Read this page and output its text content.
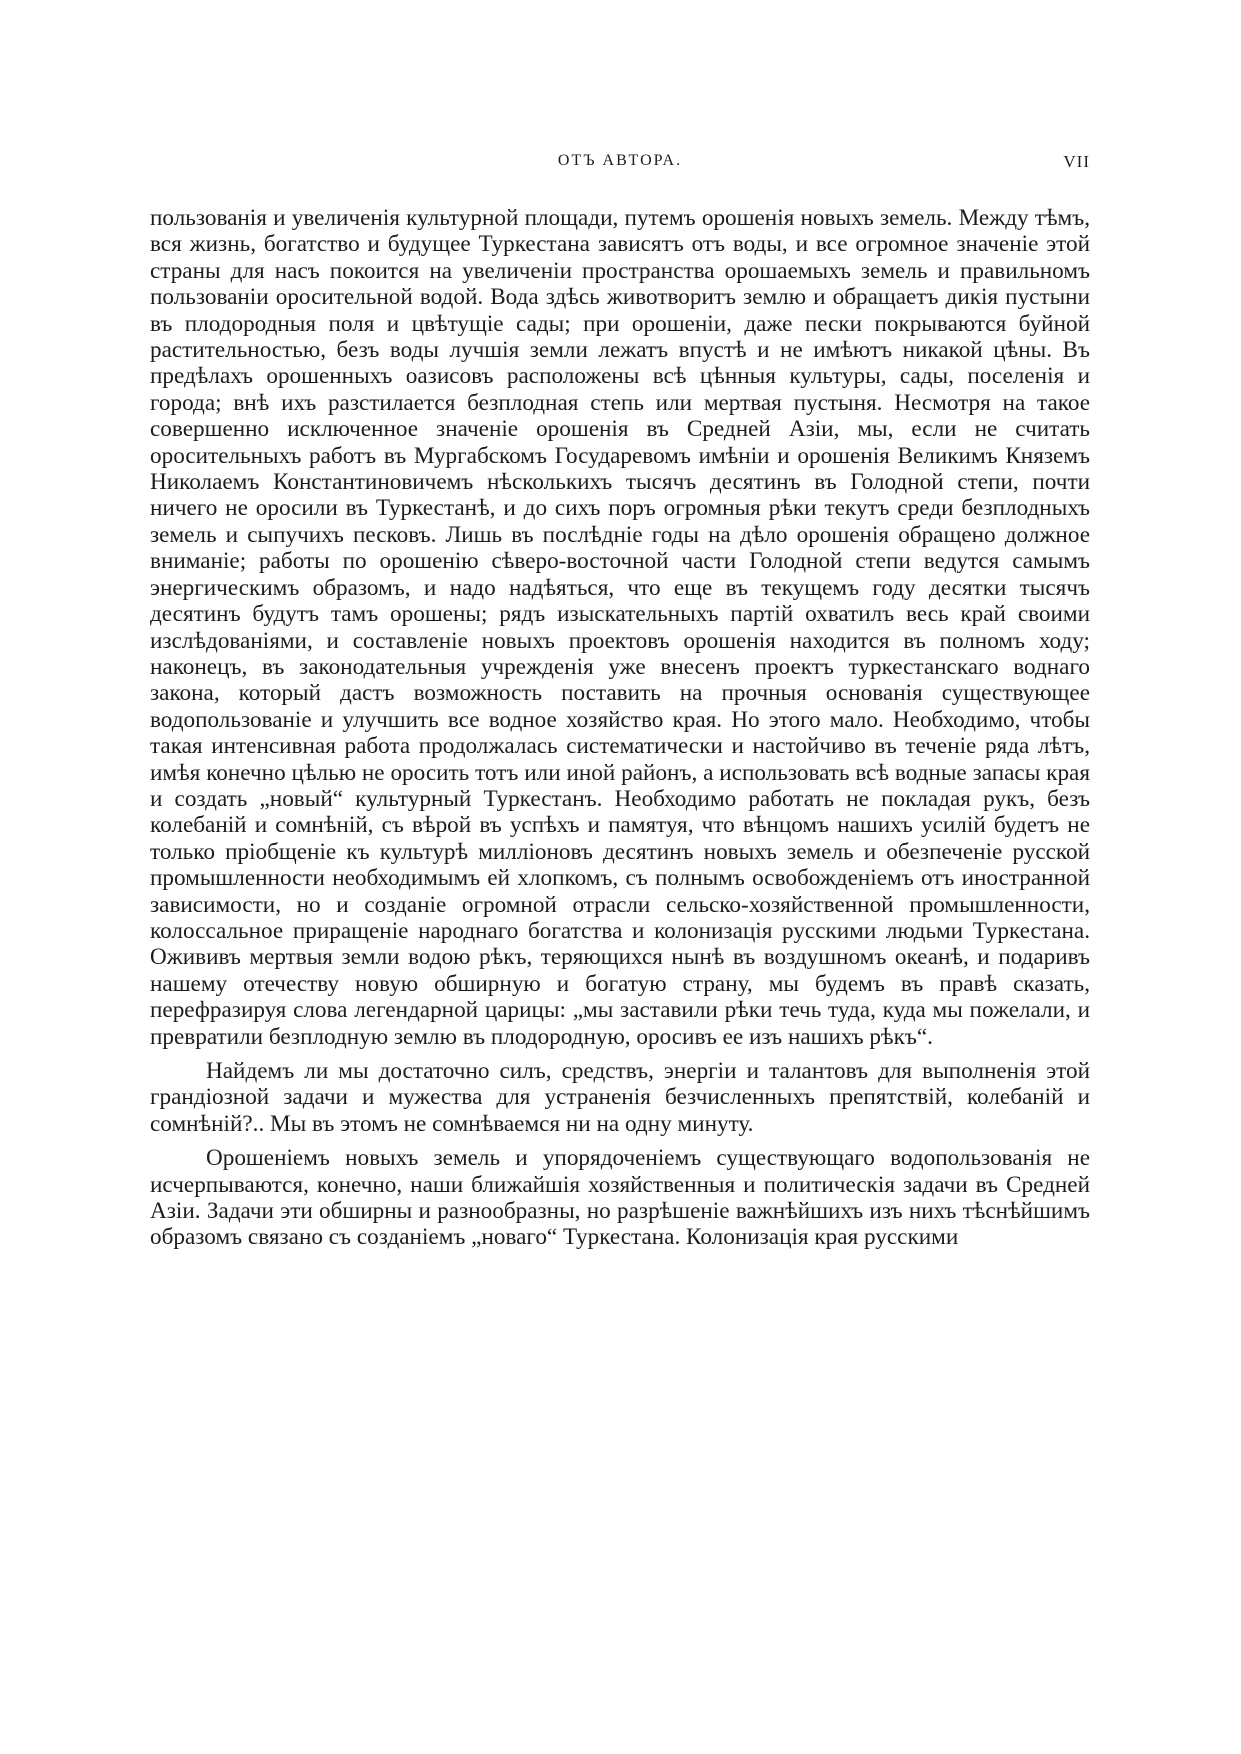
ОТЪ АВТОРА.	VII

пользованія и увеличенія культурной площади, путемъ орошенія новыхъ земель. Между тѣмъ, вся жизнь, богатство и будущее Туркестана зависятъ отъ воды, и все огромное значеніе этой страны для насъ покоится на увеличеніи пространства орошаемыхъ земель и правильномъ пользованіи оросительной водой. Вода здѣсь животворитъ землю и обращаетъ дикія пустыни въ плодородныя поля и цвѣтущіе сады; при орошеніи, даже пески покрываются буйной растительностью, безъ воды лучшія земли лежатъ впустѣ и не имѣютъ никакой цѣны. Въ предѣлахъ орошенныхъ оазисовъ расположены всѣ цѣнныя культуры, сады, поселенія и города; внѣ ихъ разстилается безплодная степь или мертвая пустыня. Несмотря на такое совершенно исключенное значеніе орошенія въ Средней Азіи, мы, если не считать оросительныхъ работъ въ Мургабскомъ Государевомъ имѣніи и орошенія Великимъ Княземъ Николаемъ Константиновичемъ нѣсколькихъ тысячъ десятинъ въ Голодной степи, почти ничего не оросили въ Туркестанѣ, и до сихъ поръ огромныя рѣки текутъ среди безплодныхъ земель и сыпучихъ песковъ. Лишь въ послѣдніе годы на дѣло орошенія обращено должное вниманіе; работы по орошенію сѣверо-восточной части Голодной степи ведутся самымъ энергическимъ образомъ, и надо надѣяться, что еще въ текущемъ году десятки тысячъ десятинъ будутъ тамъ орошены; рядъ изыскательныхъ партій охватилъ весь край своими изслѣдованіями, и составленіе новыхъ проектовъ орошенія находится въ полномъ ходу; наконецъ, въ законодательныя учрежденія уже внесенъ проектъ туркестанскаго воднаго закона, который дастъ возможность поставить на прочныя основанія существующее водопользованіе и улучшить все водное хозяйство края. Но этого мало. Необходимо, чтобы такая интенсивная работа продолжалась систематически и настойчиво въ теченіе ряда лѣтъ, имѣя конечно цѣлью не оросить тотъ или иной районъ, а использовать всѣ водные запасы края и создать „новый“ культурный Туркестанъ. Необходимо работать не покладая рукъ, безъ колебаній и сомнѣній, съ вѣрой въ успѣхъ и памятуя, что вѣнцомъ нашихъ усилій будетъ не только пріобщеніе къ культурѣ милліоновъ десятинъ новыхъ земель и обезпеченіе русской промышленности необходимымъ ей хлопкомъ, съ полнымъ освобожденіемъ отъ иностранной зависимости, но и созданіе огромной отрасли сельско-хозяйственной промышленности, колоссальное приращеніе народнаго богатства и колонизація русскими людьми Туркестана. Ожививъ мертвыя земли водою рѣкъ, теряющихся нынѣ въ воздушномъ океанѣ, и подаривъ нашему отечеству новую обширную и богатую страну, мы будемъ въ правѣ сказать, перефразируя слова легендарной царицы: „мы заставили рѣки течь туда, куда мы пожелали, и превратили безплодную землю въ плодородную, оросивъ ее изъ нашихъ рѣкъ“.

Найдемъ ли мы достаточно силъ, средствъ, энергіи и талантовъ для выполненія этой грандіозной задачи и мужества для устраненія безчисленныхъ препятствій, колебаній и сомнѣній?.. Мы въ этомъ не сомнѣваемся ни на одну минуту.

Орошеніемъ новыхъ земель и упорядоченіемъ существующаго водопользованія не исчерпываются, конечно, наши ближайшія хозяйственныя и политическія задачи въ Средней Азіи. Задачи эти обширны и разнообразны, но разрѣшеніе важнѣйшихъ изъ нихъ тѣснѣйшимъ образомъ связано съ созданіемъ „новаго“ Туркестана. Колонизація края русскими
